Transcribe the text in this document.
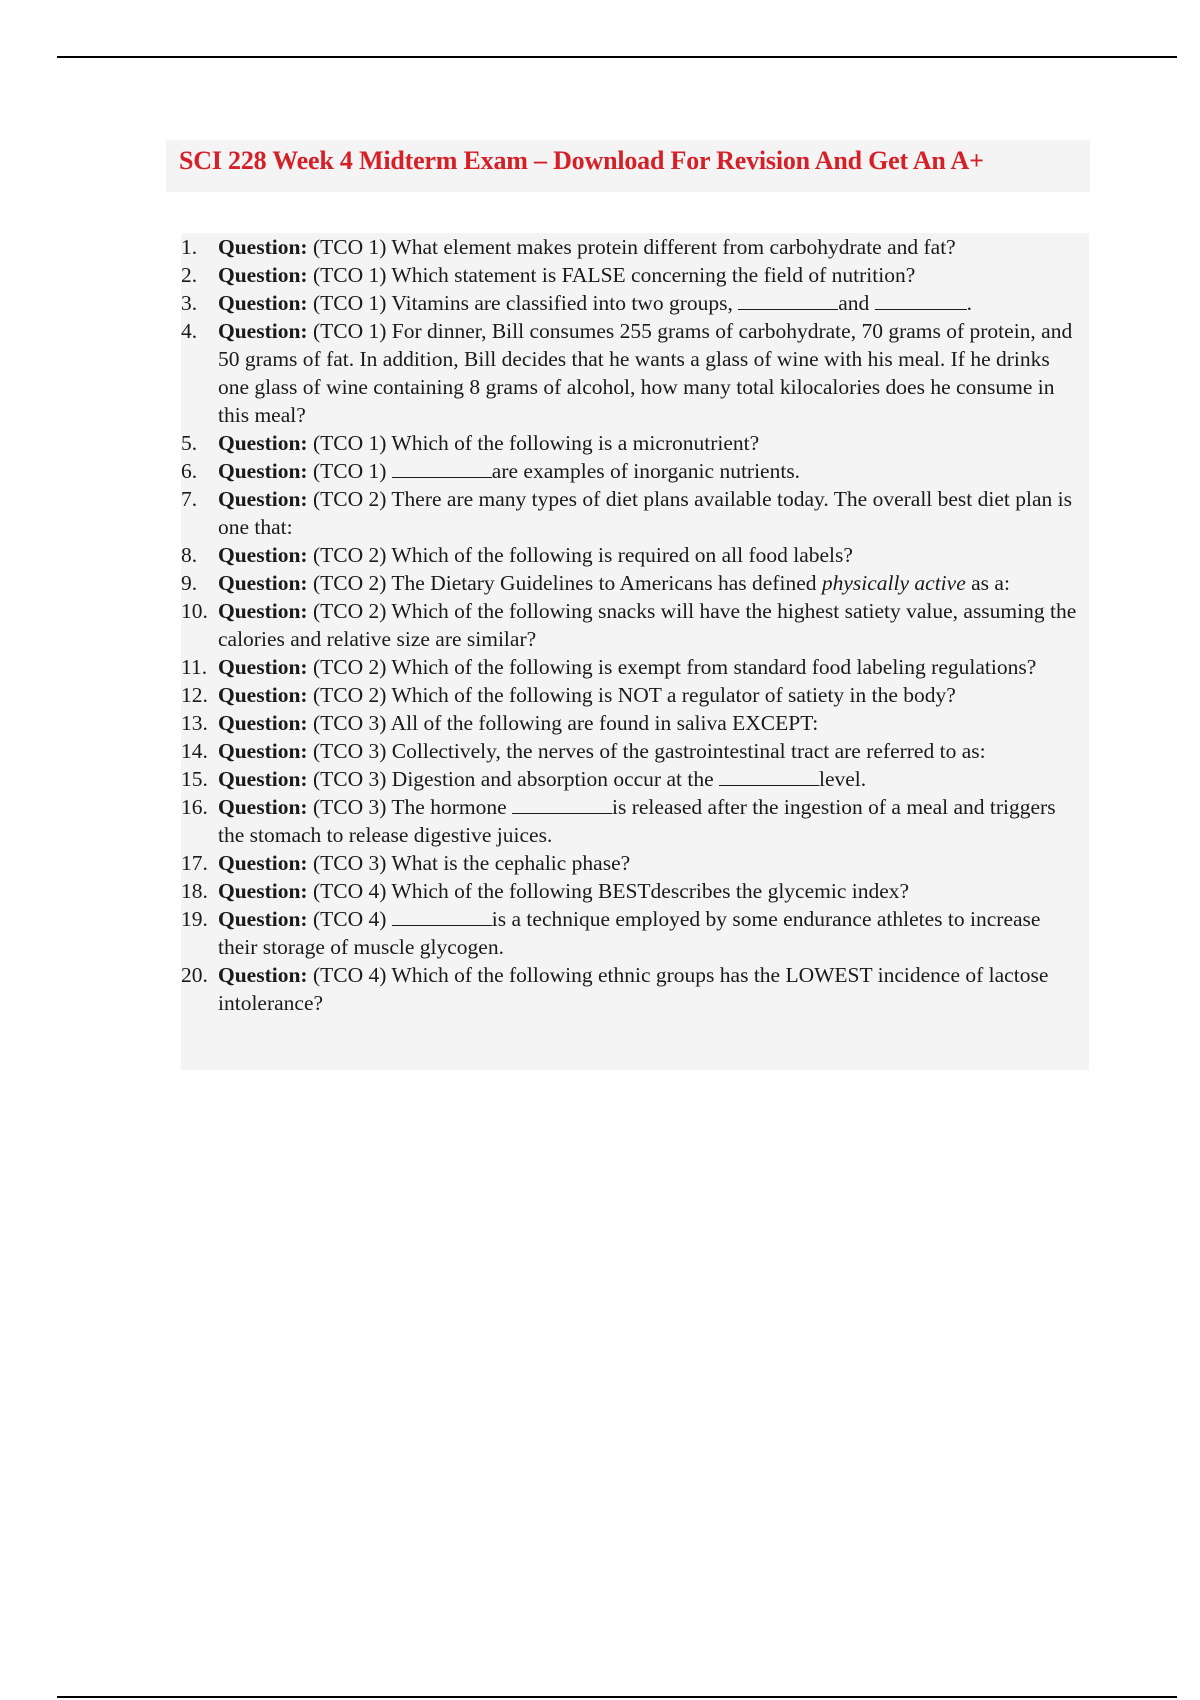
SCI 228 Week 4 Midterm Exam – Download For Revision And Get An A+
1. Question: (TCO 1) What element makes protein different from carbohydrate and fat?
2. Question: (TCO 1) Which statement is FALSE concerning the field of nutrition?
3. Question: (TCO 1) Vitamins are classified into two groups,	and	.
4. Question: (TCO 1) For dinner, Bill consumes 255 grams of carbohydrate, 70 grams of protein, and 50 grams of fat. In addition, Bill decides that he wants a glass of wine with his meal. If he drinks one glass of wine containing 8 grams of alcohol, how many total kilocalories does he consume in this meal?
5. Question: (TCO 1) Which of the following is a micronutrient?
6. Question: (TCO 1)	are examples of inorganic nutrients.
7. Question: (TCO 2) There are many types of diet plans available today. The overall best diet plan is one that:
8. Question: (TCO 2) Which of the following is required on all food labels?
9. Question: (TCO 2) The Dietary Guidelines to Americans has defined physically active as a:
10. Question: (TCO 2) Which of the following snacks will have the highest satiety value, assuming the calories and relative size are similar?
11. Question: (TCO 2) Which of the following is exempt from standard food labeling regulations?
12. Question: (TCO 2) Which of the following is NOT a regulator of satiety in the body?
13. Question: (TCO 3) All of the following are found in saliva EXCEPT:
14. Question: (TCO 3) Collectively, the nerves of the gastrointestinal tract are referred to as:
15. Question: (TCO 3) Digestion and absorption occur at the	level.
16. Question: (TCO 3) The hormone	is released after the ingestion of a meal and triggers the stomach to release digestive juices.
17. Question: (TCO 3) What is the cephalic phase?
18. Question: (TCO 4) Which of the following BESTdescribes the glycemic index?
19. Question: (TCO 4)	is a technique employed by some endurance athletes to increase their storage of muscle glycogen.
20. Question: (TCO 4) Which of the following ethnic groups has the LOWEST incidence of lactose intolerance?
